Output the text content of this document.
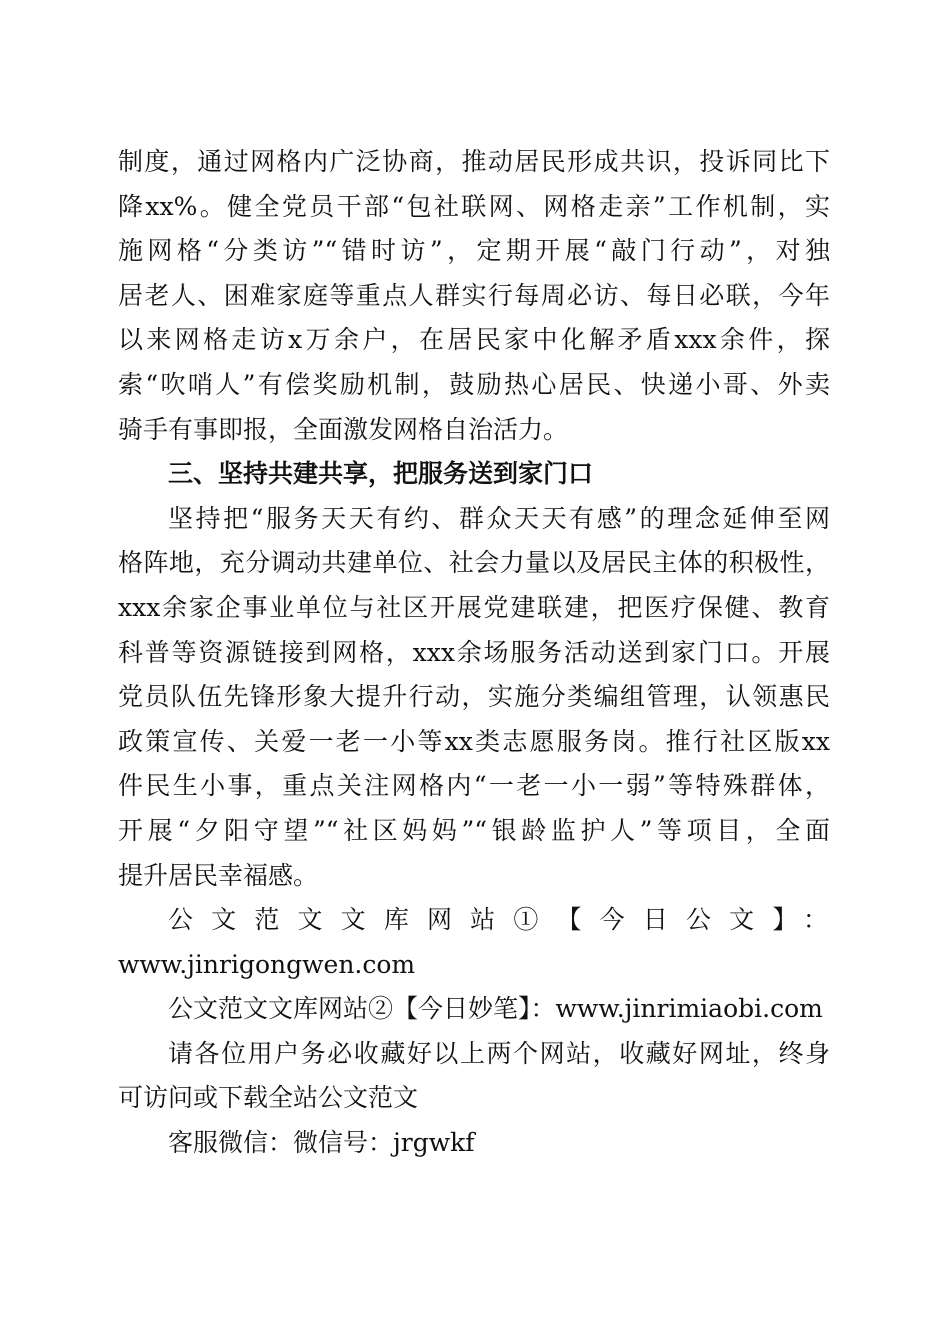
制度，通过网格内广泛协商，推动居民形成共识，投诉同比下
降xx%。健全党员干部“包社联网、网格走亲”工作机制，实
施网格“分类访”“错时访”，定期开展“敲门行动”，对独
居老人、困难家庭等重点人群实行每周必访、每日必联，今年
以来网格走访x万余户，在居民家中化解矛盾xxx余件，探
索“吹哨人”有偿奖励机制，鼓励热心居民、快递小哥、外卖
骑手有事即报，全面激发网格自治活力。
三、坚持共建共享，把服务送到家门口
坚持把“服务天天有约、群众天天有感”的理念延伸至网
格阵地，充分调动共建单位、社会力量以及居民主体的积极性，
xxx余家企事业单位与社区开展党建联建，把医疗保健、教育
科普等资源链接到网格，xxx余场服务活动送到家门口。开展
党员队伍先锋形象大提升行动，实施分类编组管理，认领惠民
政策宣传、关爱一老一小等xx类志愿服务岗。推行社区版xx
件民生小事，重点关注网格内“一老一小一弱”等特殊群体，
开展“夕阳守望”“社区妈妈”“银龄监护人”等项目，全面
提升居民幸福感。
公文范文文库网站①【今日公文】：
www.jinrigongwen.com
公文范文文库网站②【今日妙笔】：www.jinrimiaobi.com
请各位用户务必收藏好以上两个网站，收藏好网址，终身
可访问或下载全站公文范文
客服微信：微信号：jrgwkf
